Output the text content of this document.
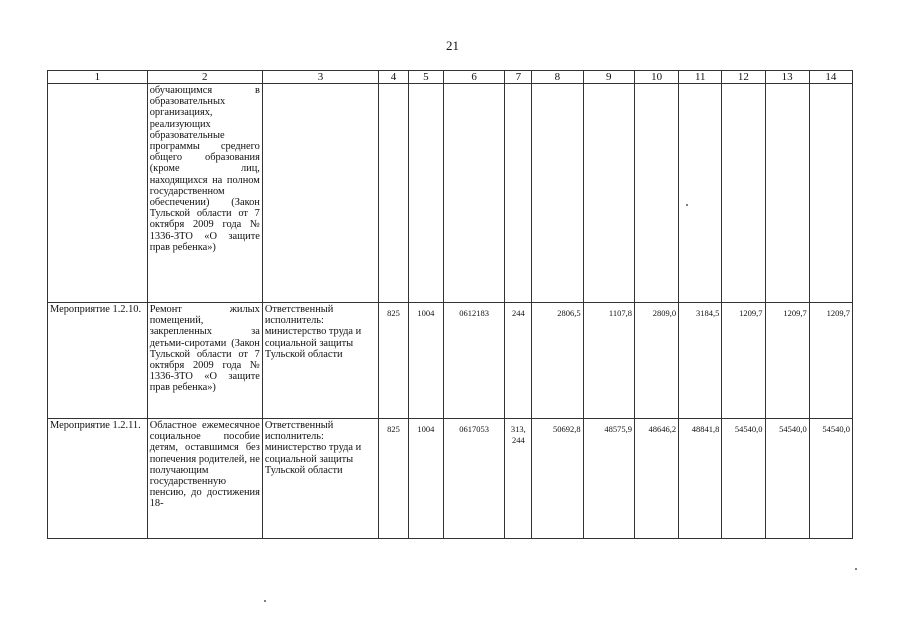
21
1	2	3	4	5	6	7	8	9	10	11	12	13	14
	обучающимся в образовательных организациях, реализующих образовательные программы среднего общего образования (кроме лиц, находящихся на полном государственном обеспечении) (Закон Тульской области от 7 октября 2009 года № 1336-ЗТО «О защите прав ребенка»)												
Мероприятие 1.2.10.	Ремонт жилых помещений, закрепленных за детьми-сиротами (Закон Тульской области от 7 октября 2009 года № 1336-ЗТО «О защите прав ребенка»)	Ответственный исполнитель: министерство труда и социальной защиты Тульской области	825	1004	0612183	244	2806,5	1107,8	2809,0	3184,5	1209,7	1209,7	1209,7
Мероприятие 1.2.11.	Областное ежемесячное социальное пособие детям, оставшимся без попечения родителей, не получающим государственную пенсию, до достижения 18-	Ответственный исполнитель: министерство труда и социальной защиты Тульской области	825	1004	0617053	313, 244	50692,8	48575,9	48646,2	48841,8	54540,0	54540,0	54540,0
